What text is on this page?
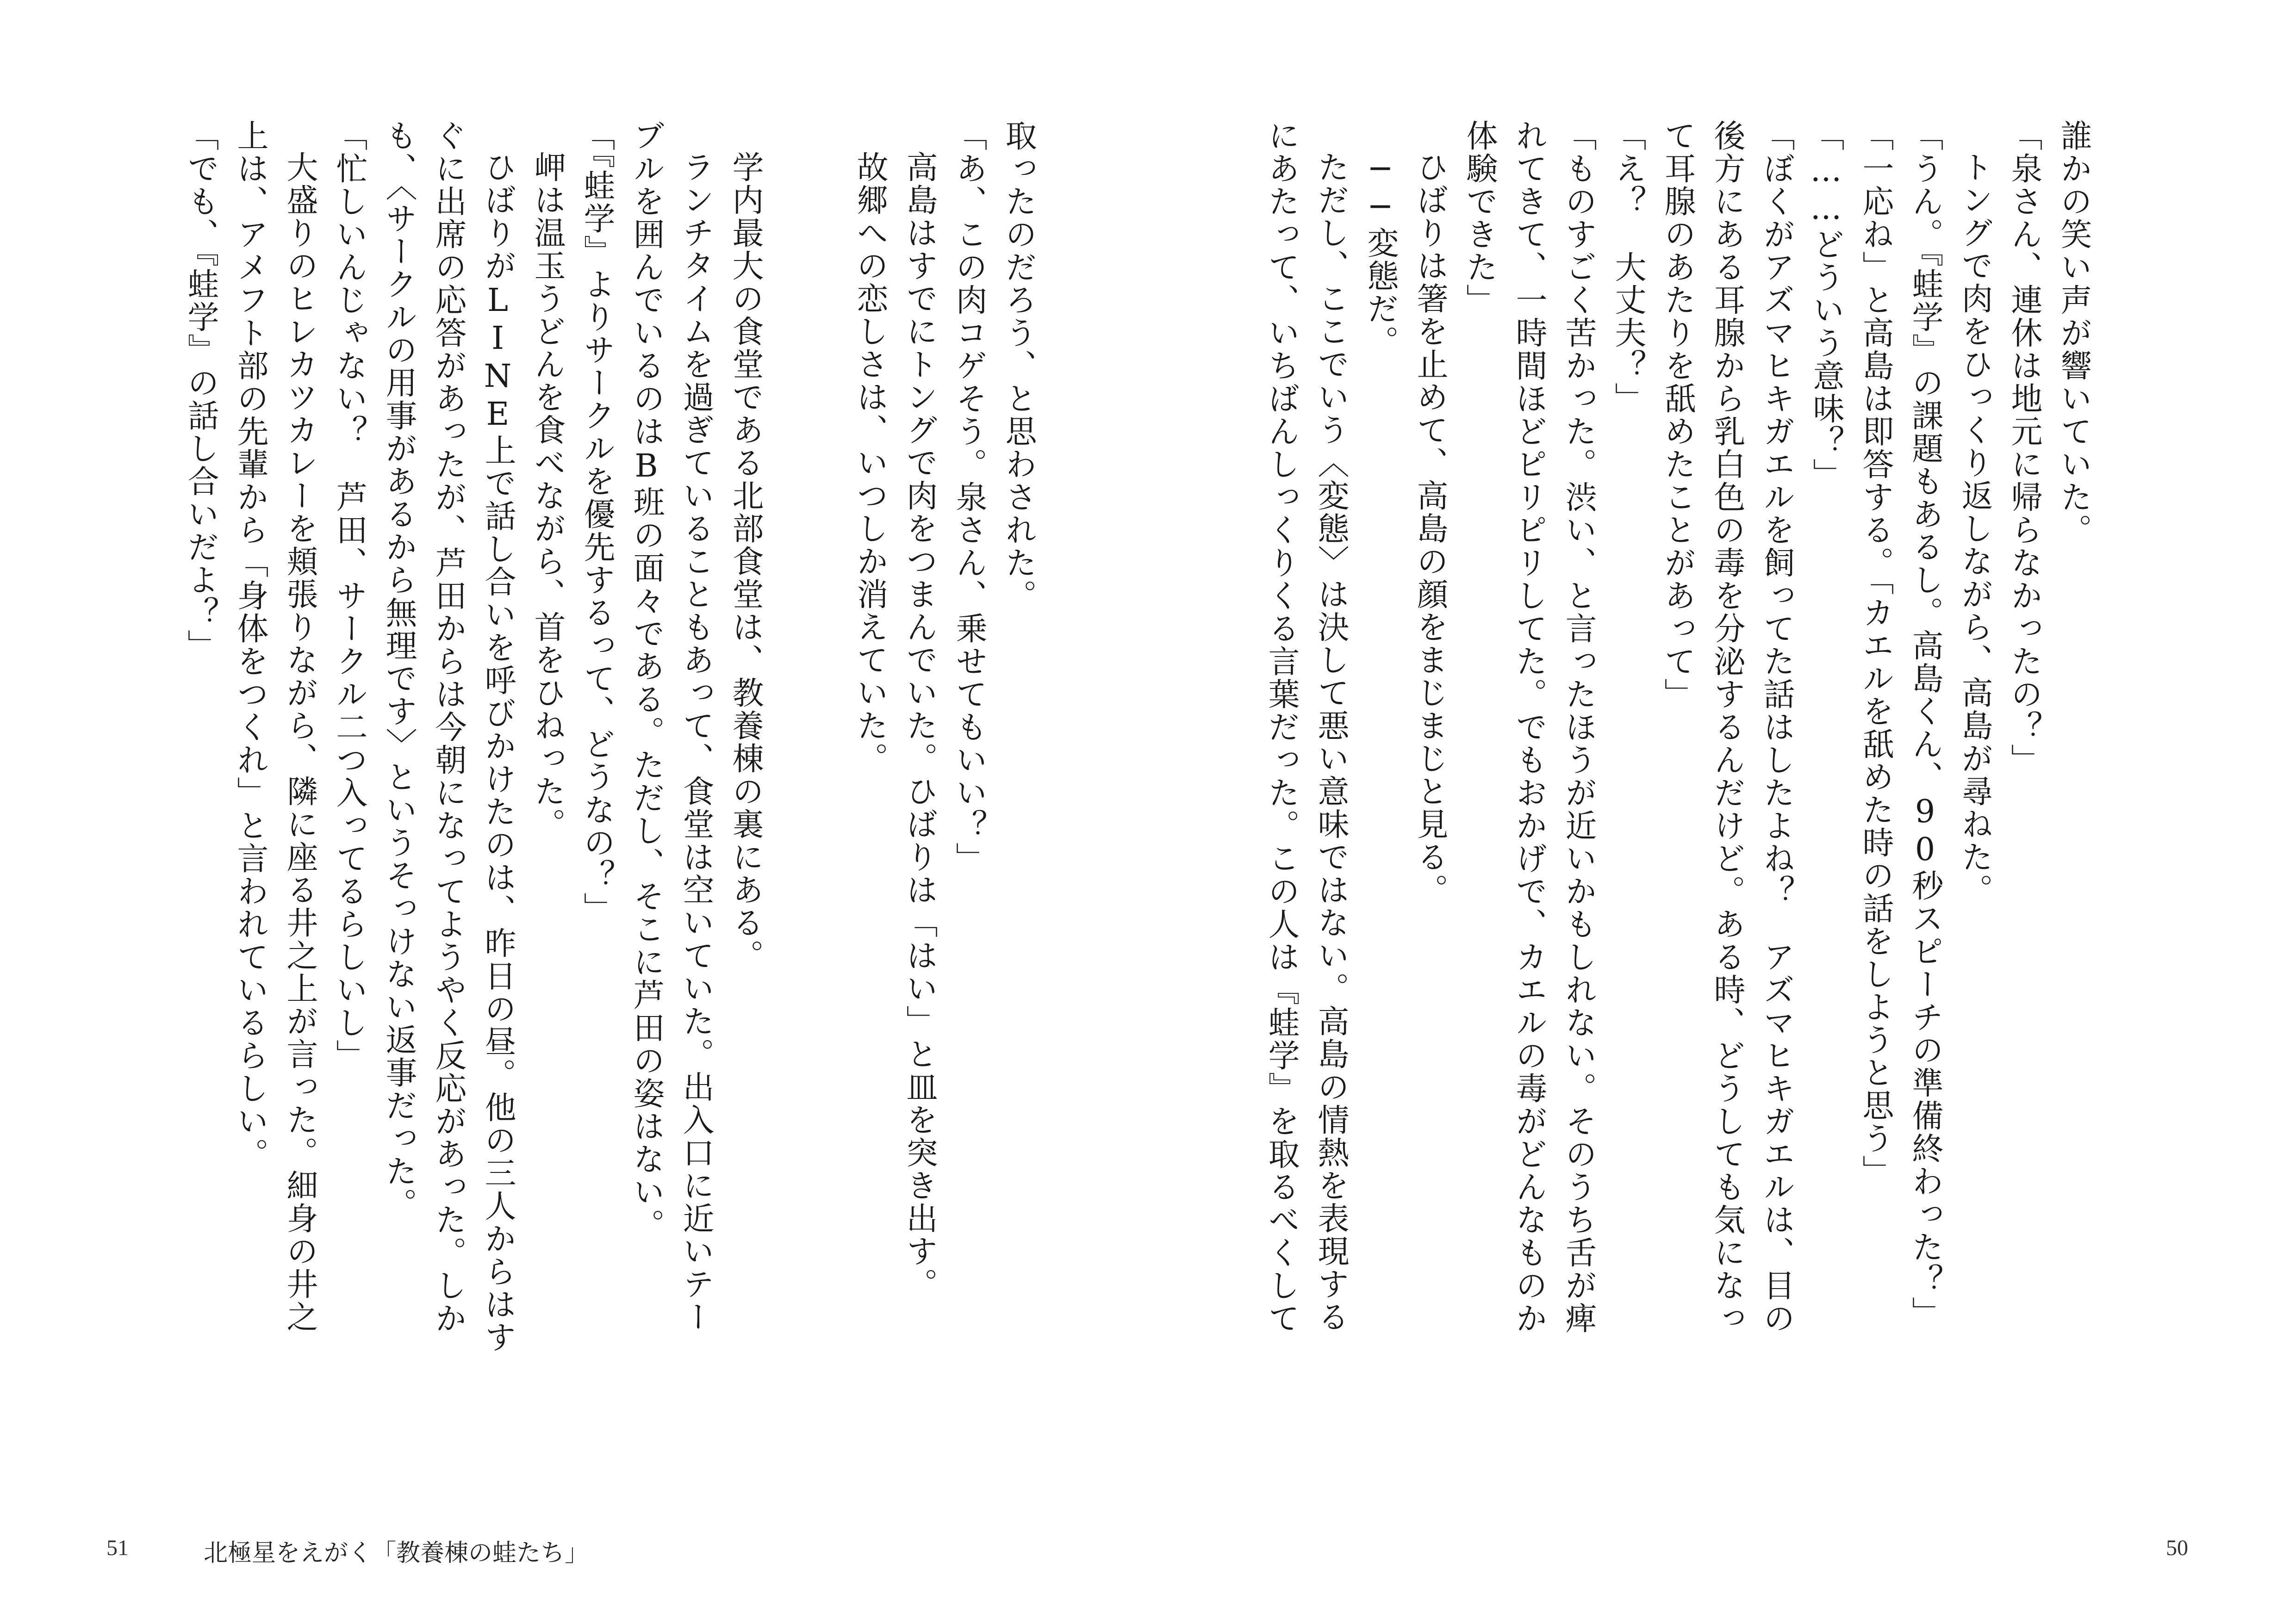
誰かの笑い声が響いていた。
「泉さん、連休は地元に帰らなかったの？」
トングで肉をひっくり返しながら、高島が尋ねた。
「うん。『蛙学』の課題もあるし。高島くん、90秒スピーチの準備終わった？」
「一応ね」と高島は即答する。「カエルを舐めた時の話をしようと思う」
「……どういう意味？」
「ぼくがアズマヒキガエルを飼ってた話はしたよね？　アズマヒキガエルは、目の
後方にある耳腺から乳白色の毒を分泌するんだけど。ある時、どうしても気になっ
て耳腺のあたりを舐めたことがあって」
「え？　大丈夫？」
「ものすごく苦かった。渋い、と言ったほうが近いかもしれない。そのうち舌が痺
れてきて、一時間ほどピリピリしてた。でもおかげで、カエルの毒がどんなものか
体験できた」
ひばりは箸を止めて、高島の顔をまじまじと見る。
──変態だ。
ただし、ここでいう〈変態〉は決して悪い意味ではない。高島の情熱を表現する
にあたって、いちばんしっくりくる言葉だった。この人は『蛙学』を取るべくして
50
取ったのだろう、と思わされた。
「あ、この肉コゲそう。泉さん、乗せてもいい？」
高島はすでにトングで肉をつまんでいた。ひばりは「はい」と皿を突き出す。
故郷への恋しさは、いつしか消えていた。
学内最大の食堂である北部食堂は、教養棟の裏にある。
ランチタイムを過ぎていることもあって、食堂は空いていた。出入口に近いテー
ブルを囲んでいるのはB班の面々である。ただし、そこに芦田の姿はない。
「『蛙学』よりサークルを優先するって、どうなの？」
岬は温玉うどんを食べながら、首をひねった。
ひばりがLINE上で話し合いを呼びかけたのは、昨日の昼。他の三人からはす
ぐに出席の応答があったが、芦田からは今朝になってようやく反応があった。しか
も、〈サークルの用事があるから無理です〉というそっけない返事だった。
「忙しいんじゃない？　芦田、サークル二つ入ってるらしいし」
大盛りのヒレカツカレーを頬張りながら、隣に座る井之上が言った。細身の井之
上は、アメフト部の先輩から「身体をつくれ」と言われているらしい。
「でも、『蛙学』の話し合いだよ？」
51	北極星をえがく「教養棟の蛙たち」
